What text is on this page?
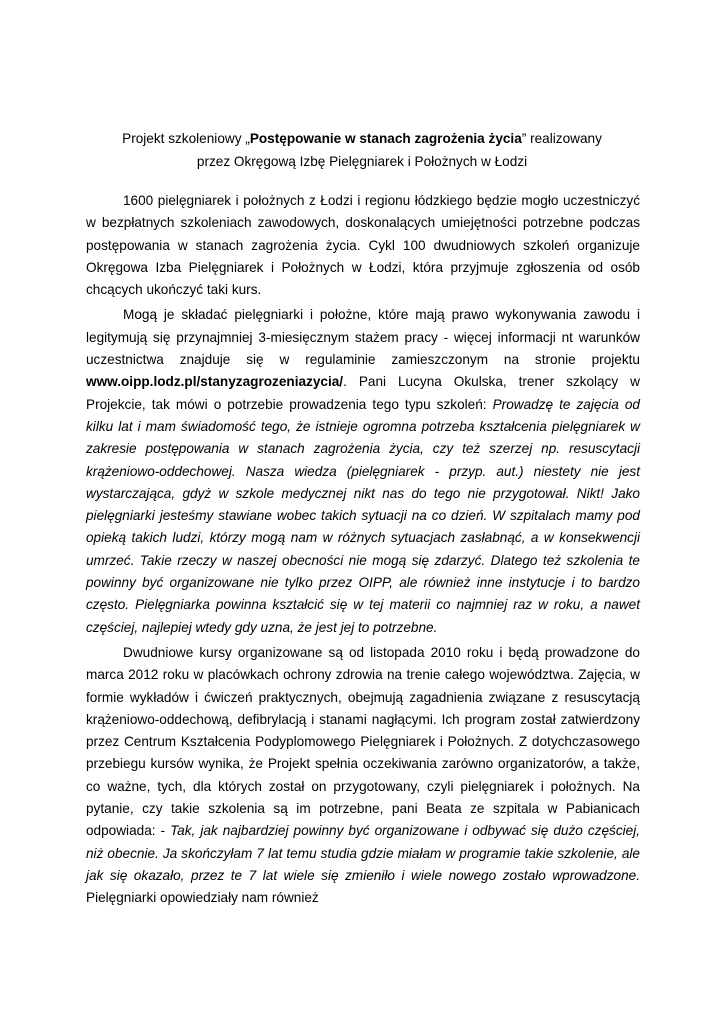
Projekt szkoleniowy „Postępowanie w stanach zagrożenia życia” realizowany

przez Okręgową Izbę Pielęgniarek i Położnych w Łodzi

1600 pielęgniarek i położnych z Łodzi i regionu łódzkiego będzie mogło uczestniczyć w bezpłatnych szkoleniach zawodowych, doskonalących umiejętności potrzebne podczas postępowania w stanach zagrożenia życia. Cykl 100 dwudniowych szkoleń organizuje Okręgowa Izba Pielęgniarek i Położnych w Łodzi, która przyjmuje zgłoszenia od osób chcących ukończyć taki kurs.

Mogą je składać pielęgniarki i położne, które mają prawo wykonywania zawodu i legitymują się przynajmniej 3-miesięcznym stażem pracy - więcej informacji nt warunków uczestnictwa znajduje się w regulaminie zamieszczonym na stronie projektu www.oipp.lodz.pl/stanyzagrozeniazycia/. Pani Lucyna Okulska, trener szkolący w Projekcie, tak mówi o potrzebie prowadzenia tego typu szkoleń: Prowadzę te zajęcia od kilku lat i mam świadomość tego, że istnieje ogromna potrzeba kształcenia pielęgniarek w zakresie postępowania w stanach zagrożenia życia, czy też szerzej np. resuscytacji krążeniowo-oddechowej. Nasza wiedza (pielęgniarek - przyp. aut.) niestety nie jest wystarczająca, gdyż w szkole medycznej nikt nas do tego nie przygotował. Nikt! Jako pielęgniarki jesteśmy stawiane wobec takich sytuacji na co dzień. W szpitalach mamy pod opieką takich ludzi, którzy mogą nam w różnych sytuacjach zasłabnąć, a w konsekwencji umrzeć. Takie rzeczy w naszej obecności nie mogą się zdarzyć. Dlatego też szkolenia te powinny być organizowane nie tylko przez OIPP, ale również inne instytucje i to bardzo często. Pielęgniarka powinna kształcić się w tej materii co najmniej raz w roku, a nawet częściej, najlepiej wtedy gdy uzna, że jest jej to potrzebne.

Dwudniowe kursy organizowane są od listopada 2010 roku i będą prowadzone do marca 2012 roku w placówkach ochrony zdrowia na trenie całego województwa. Zajęcia, w formie wykładów i ćwiczeń praktycznych, obejmują zagadnienia związane z resuscytacją krążeniowo-oddechową, defibrylacją i stanami nagłącymi. Ich program został zatwierdzony przez Centrum Kształcenia Podyplomowego Pielęgniarek i Położnych. Z dotychczasowego przebiegu kursów wynika, że Projekt spełnia oczekiwania zarówno organizatorów, a także, co ważne, tych, dla których został on przygotowany, czyli pielęgniarek i położnych. Na pytanie, czy takie szkolenia są im potrzebne, pani Beata ze szpitala w Pabianicach odpowiada: - Tak, jak najbardziej powinny być organizowane i odbywać się dużo częściej, niż obecnie. Ja skończyłam 7 lat temu studia gdzie miałam w programie takie szkolenie, ale jak się okazało, przez te 7 lat wiele się zmieniło i wiele nowego zostało wprowadzone. Pielęgniarki opowiedziały nam również
